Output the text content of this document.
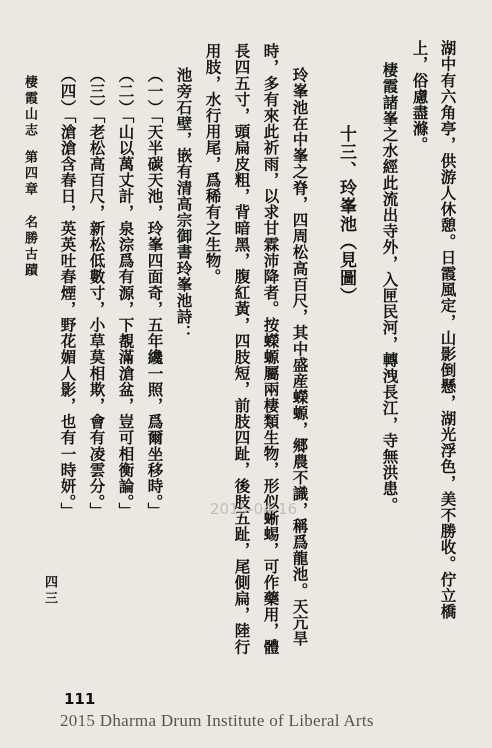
湖中有六角亭，供游人休憩。日霞風定，山影倒懸，湖光浮色，美不勝收。佇立橋
上，俗慮盡滌。
棲霞諸峯之水經此流出寺外，入匣民河，轉洩長江，寺無洪患。
十三、玲峯池（見圖）
玲峯池在中峯之脊，四周松高百尺，其中盛産蠑螈，郷農不識，稱爲龍池。天亢旱
時，多有來此祈雨，以求甘霖沛降者。按蠑螈屬兩棲類生物，形似蜥蜴，可作藥用，體
長四五寸，頭扁皮粗，背暗黑，腹紅黃，四肢短，前肢四趾，後肢五趾，尾側扁，陸行
用肢，水行用尾，爲稀有之生物。
池旁石壁，嵌有清高宗御書玲峯池詩：
（一）「天半碳天池，玲峯四面奇，五年纔一照，爲爾坐移時。」
（二）「山以萬丈計，泉淙爲有源，下覩滿滄盆，豈可相衡論。」
（三）「老松高百尺，新松低數寸，小草莫相欺，會有凌雲分。」
（四）「滄滄含春日，英英吐春煙，野花媚人影，也有一時妍。」
棲霞山志
第四章
名勝古蹟
四三
2015-04-16
111
2015 Dharma Drum Institute of Liberal Arts
